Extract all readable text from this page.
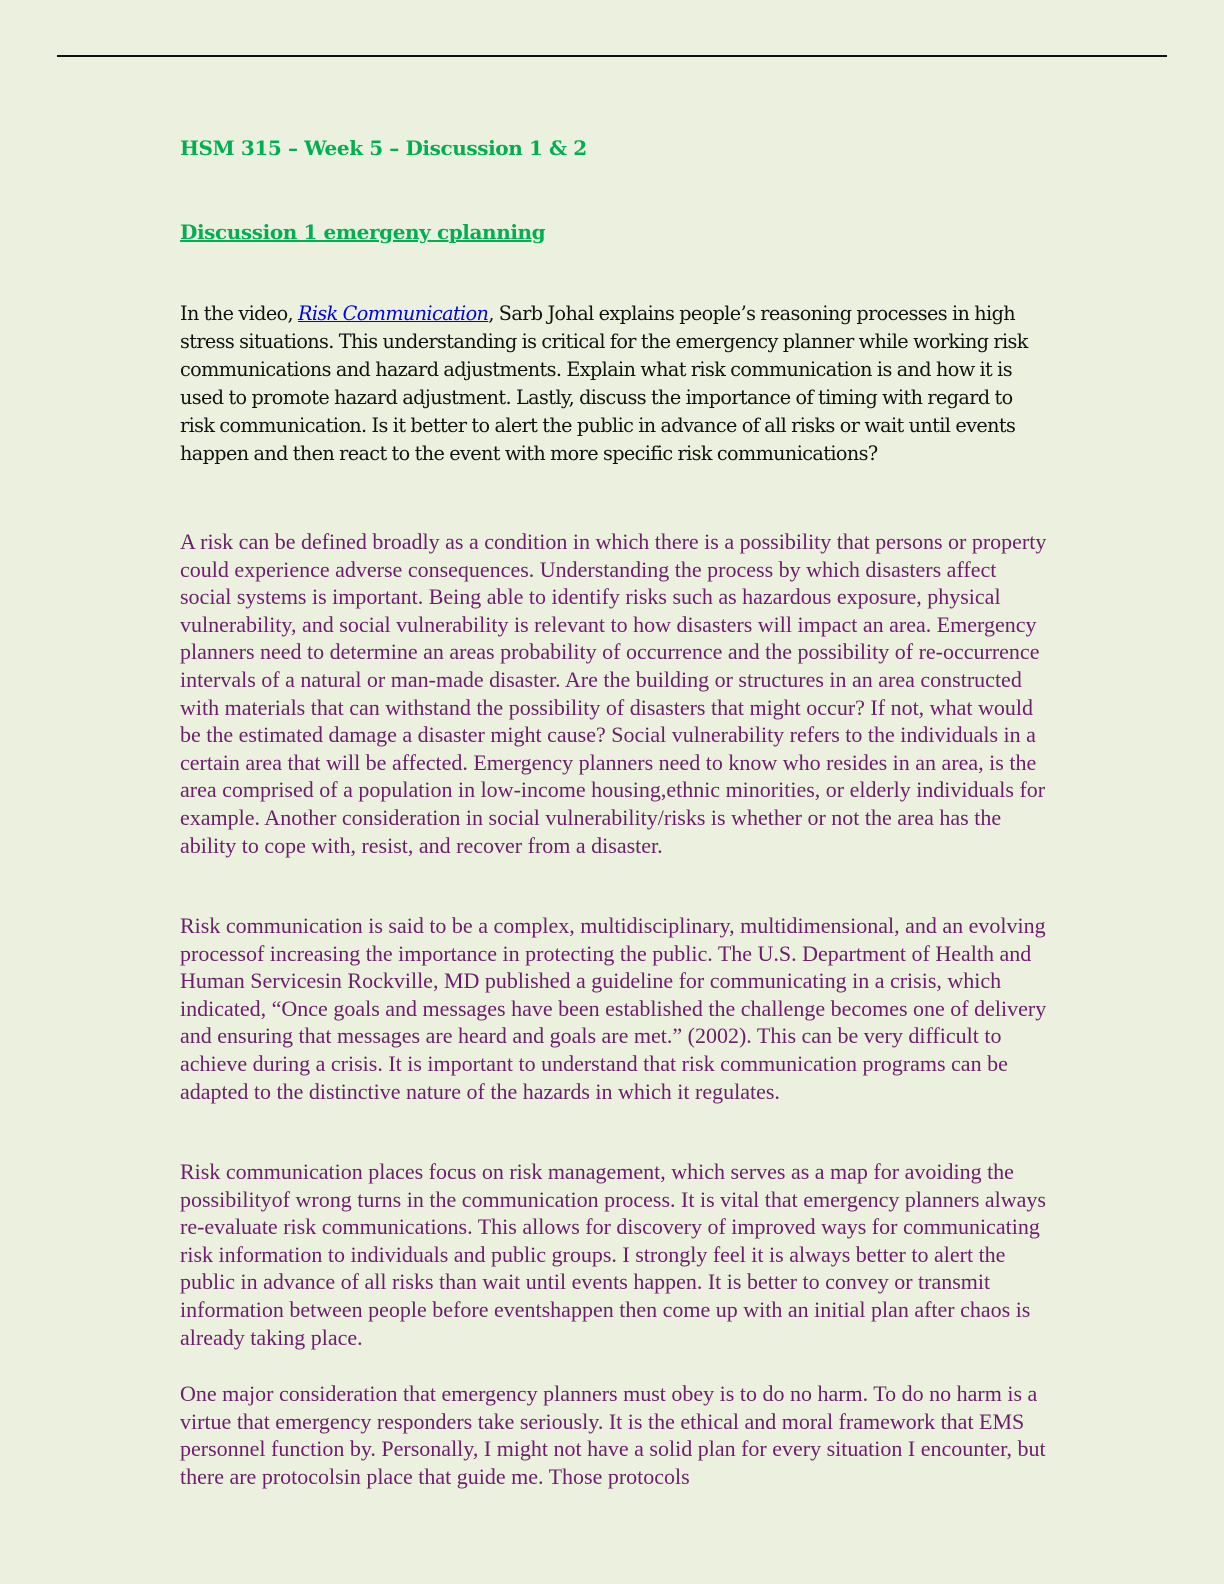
HSM 315 – Week 5 – Discussion 1 & 2
Discussion 1 emergeny cplanning

In the video, Risk Communication, Sarb Johal explains people’s reasoning processes in high stress situations. This understanding is critical for the emergency planner while working risk communications and hazard adjustments. Explain what risk communication is and how it is used to promote hazard adjustment. Lastly, discuss the importance of timing with regard to risk communication. Is it better to alert the public in advance of all risks or wait until events happen and then react to the event with more specific risk communications?

A risk can be defined broadly as a condition in which there is a possibility that persons or property could experience adverse consequences. Understanding the process by which disasters affect social systems is important. Being able to identify risks such as hazardous exposure, physical vulnerability, and social vulnerability is relevant to how disasters will impact an area. Emergency planners need to determine an areas probability of occurrence and the possibility of re-occurrence intervals of a natural or man-made disaster. Are the building or structures in an area constructed with materials that can withstand the possibility of disasters that might occur? If not, what would be the estimated damage a disaster might cause? Social vulnerability refers to the individuals in a certain area that will be affected. Emergency planners need to know who resides in an area, is the area comprised of a population in low-income housing,ethnic minorities, or elderly individuals for example. Another consideration in social vulnerability/risks is whether or not the area has the ability to cope with, resist, and recover from a disaster.

Risk communication is said to be a complex, multidisciplinary, multidimensional, and an evolving processof increasing the importance in protecting the public. The U.S. Department of Health and Human Servicesin Rockville, MD published a guideline for communicating in a crisis, which indicated, “Once goals and messages have been established the challenge becomes one of delivery and ensuring that messages are heard and goals are met.” (2002). This can be very difficult to achieve during a crisis. It is important to understand that risk communication programs can be adapted to the distinctive nature of the hazards in which it regulates.

Risk communication places focus on risk management, which serves as a map for avoiding the possibilityof wrong turns in the communication process. It is vital that emergency planners always re-evaluate risk communications. This allows for discovery of improved ways for communicating risk information to individuals and public groups. I strongly feel it is always better to alert the public in advance of all risks than wait until events happen. It is better to convey or transmit information between people before eventshappen then come up with an initial plan after chaos is already taking place.

One major consideration that emergency planners must obey is to do no harm. To do no harm is a virtue that emergency responders take seriously. It is the ethical and moral framework that EMS personnel function by. Personally, I might not have a solid plan for every situation I encounter, but there are protocolsin place that guide me. Those protocols
